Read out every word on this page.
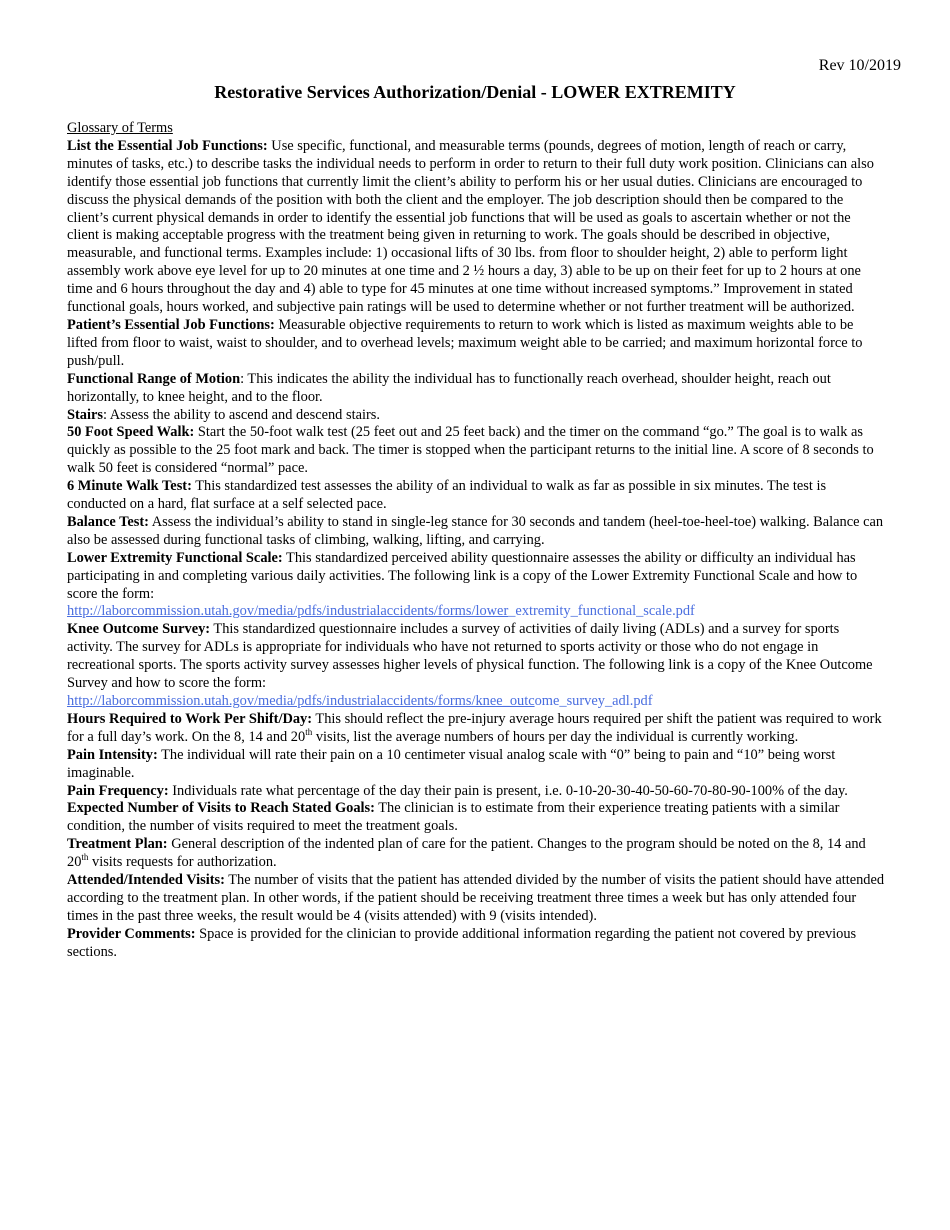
Rev 10/2019
Restorative Services Authorization/Denial - LOWER EXTREMITY

Glossary of Terms

List the Essential Job Functions: Use specific, functional, and measurable terms (pounds, degrees of motion, length of reach or carry, minutes of tasks, etc.) to describe tasks the individual needs to perform in order to return to their full duty work position. Clinicians can also identify those essential job functions that currently limit the client’s ability to perform his or her usual duties. Clinicians are encouraged to discuss the physical demands of the position with both the client and the employer. The job description should then be compared to the client’s current physical demands in order to identify the essential job functions that will be used as goals to ascertain whether or not the client is making acceptable progress with the treatment being given in returning to work. The goals should be described in objective, measurable, and functional terms. Examples include: 1) occasional lifts of 30 lbs. from floor to shoulder height, 2) able to perform light assembly work above eye level for up to 20 minutes at one time and 2 ½ hours a day, 3) able to be up on their feet for up to 2 hours at one time and 6 hours throughout the day and 4) able to type for 45 minutes at one time without increased symptoms.” Improvement in stated functional goals, hours worked, and subjective pain ratings will be used to determine whether or not further treatment will be authorized.

Patient’s Essential Job Functions: Measurable objective requirements to return to work which is listed as maximum weights able to be lifted from floor to waist, waist to shoulder, and to overhead levels; maximum weight able to be carried; and maximum horizontal force to push/pull.

Functional Range of Motion: This indicates the ability the individual has to functionally reach overhead, shoulder height, reach out horizontally, to knee height, and to the floor.

Stairs: Assess the ability to ascend and descend stairs.

50 Foot Speed Walk: Start the 50-foot walk test (25 feet out and 25 feet back) and the timer on the command “go.” The goal is to walk as quickly as possible to the 25 foot mark and back. The timer is stopped when the participant returns to the initial line. A score of 8 seconds to walk 50 feet is considered “normal” pace.

6 Minute Walk Test: This standardized test assesses the ability of an individual to walk as far as possible in six minutes. The test is conducted on a hard, flat surface at a self selected pace.

Balance Test: Assess the individual’s ability to stand in single-leg stance for 30 seconds and tandem (heel-toe-heel-toe) walking. Balance can also be assessed during functional tasks of climbing, walking, lifting, and carrying.

Lower Extremity Functional Scale: This standardized perceived ability questionnaire assesses the ability or difficulty an individual has participating in and completing various daily activities. The following link is a copy of the Lower Extremity Functional Scale and how to score the form:

http://laborcommission.utah.gov/media/pdfs/industrialaccidents/forms/lower_extremity_functional_scale.pdf

Knee Outcome Survey: This standardized questionnaire includes a survey of activities of daily living (ADLs) and a survey for sports activity. The survey for ADLs is appropriate for individuals who have not returned to sports activity or those who do not engage in recreational sports. The sports activity survey assesses higher levels of physical function. The following link is a copy of the Knee Outcome Survey and how to score the form:

http://laborcommission.utah.gov/media/pdfs/industrialaccidents/forms/knee_outcome_survey_adl.pdf

Hours Required to Work Per Shift/Day: This should reflect the pre-injury average hours required per shift the patient was required to work for a full day’s work. On the 8, 14 and 20th visits, list the average numbers of hours per day the individual is currently working.

Pain Intensity: The individual will rate their pain on a 10 centimeter visual analog scale with “0” being to pain and “10” being worst imaginable.

Pain Frequency: Individuals rate what percentage of the day their pain is present, i.e. 0-10-20-30-40-50-60-70-80-90-100% of the day.

Expected Number of Visits to Reach Stated Goals: The clinician is to estimate from their experience treating patients with a similar condition, the number of visits required to meet the treatment goals.

Treatment Plan: General description of the indented plan of care for the patient. Changes to the program should be noted on the 8, 14 and 20th visits requests for authorization.

Attended/Intended Visits: The number of visits that the patient has attended divided by the number of visits the patient should have attended according to the treatment plan. In other words, if the patient should be receiving treatment three times a week but has only attended four times in the past three weeks, the result would be 4 (visits attended) with 9 (visits intended).

Provider Comments: Space is provided for the clinician to provide additional information regarding the patient not covered by previous sections.
